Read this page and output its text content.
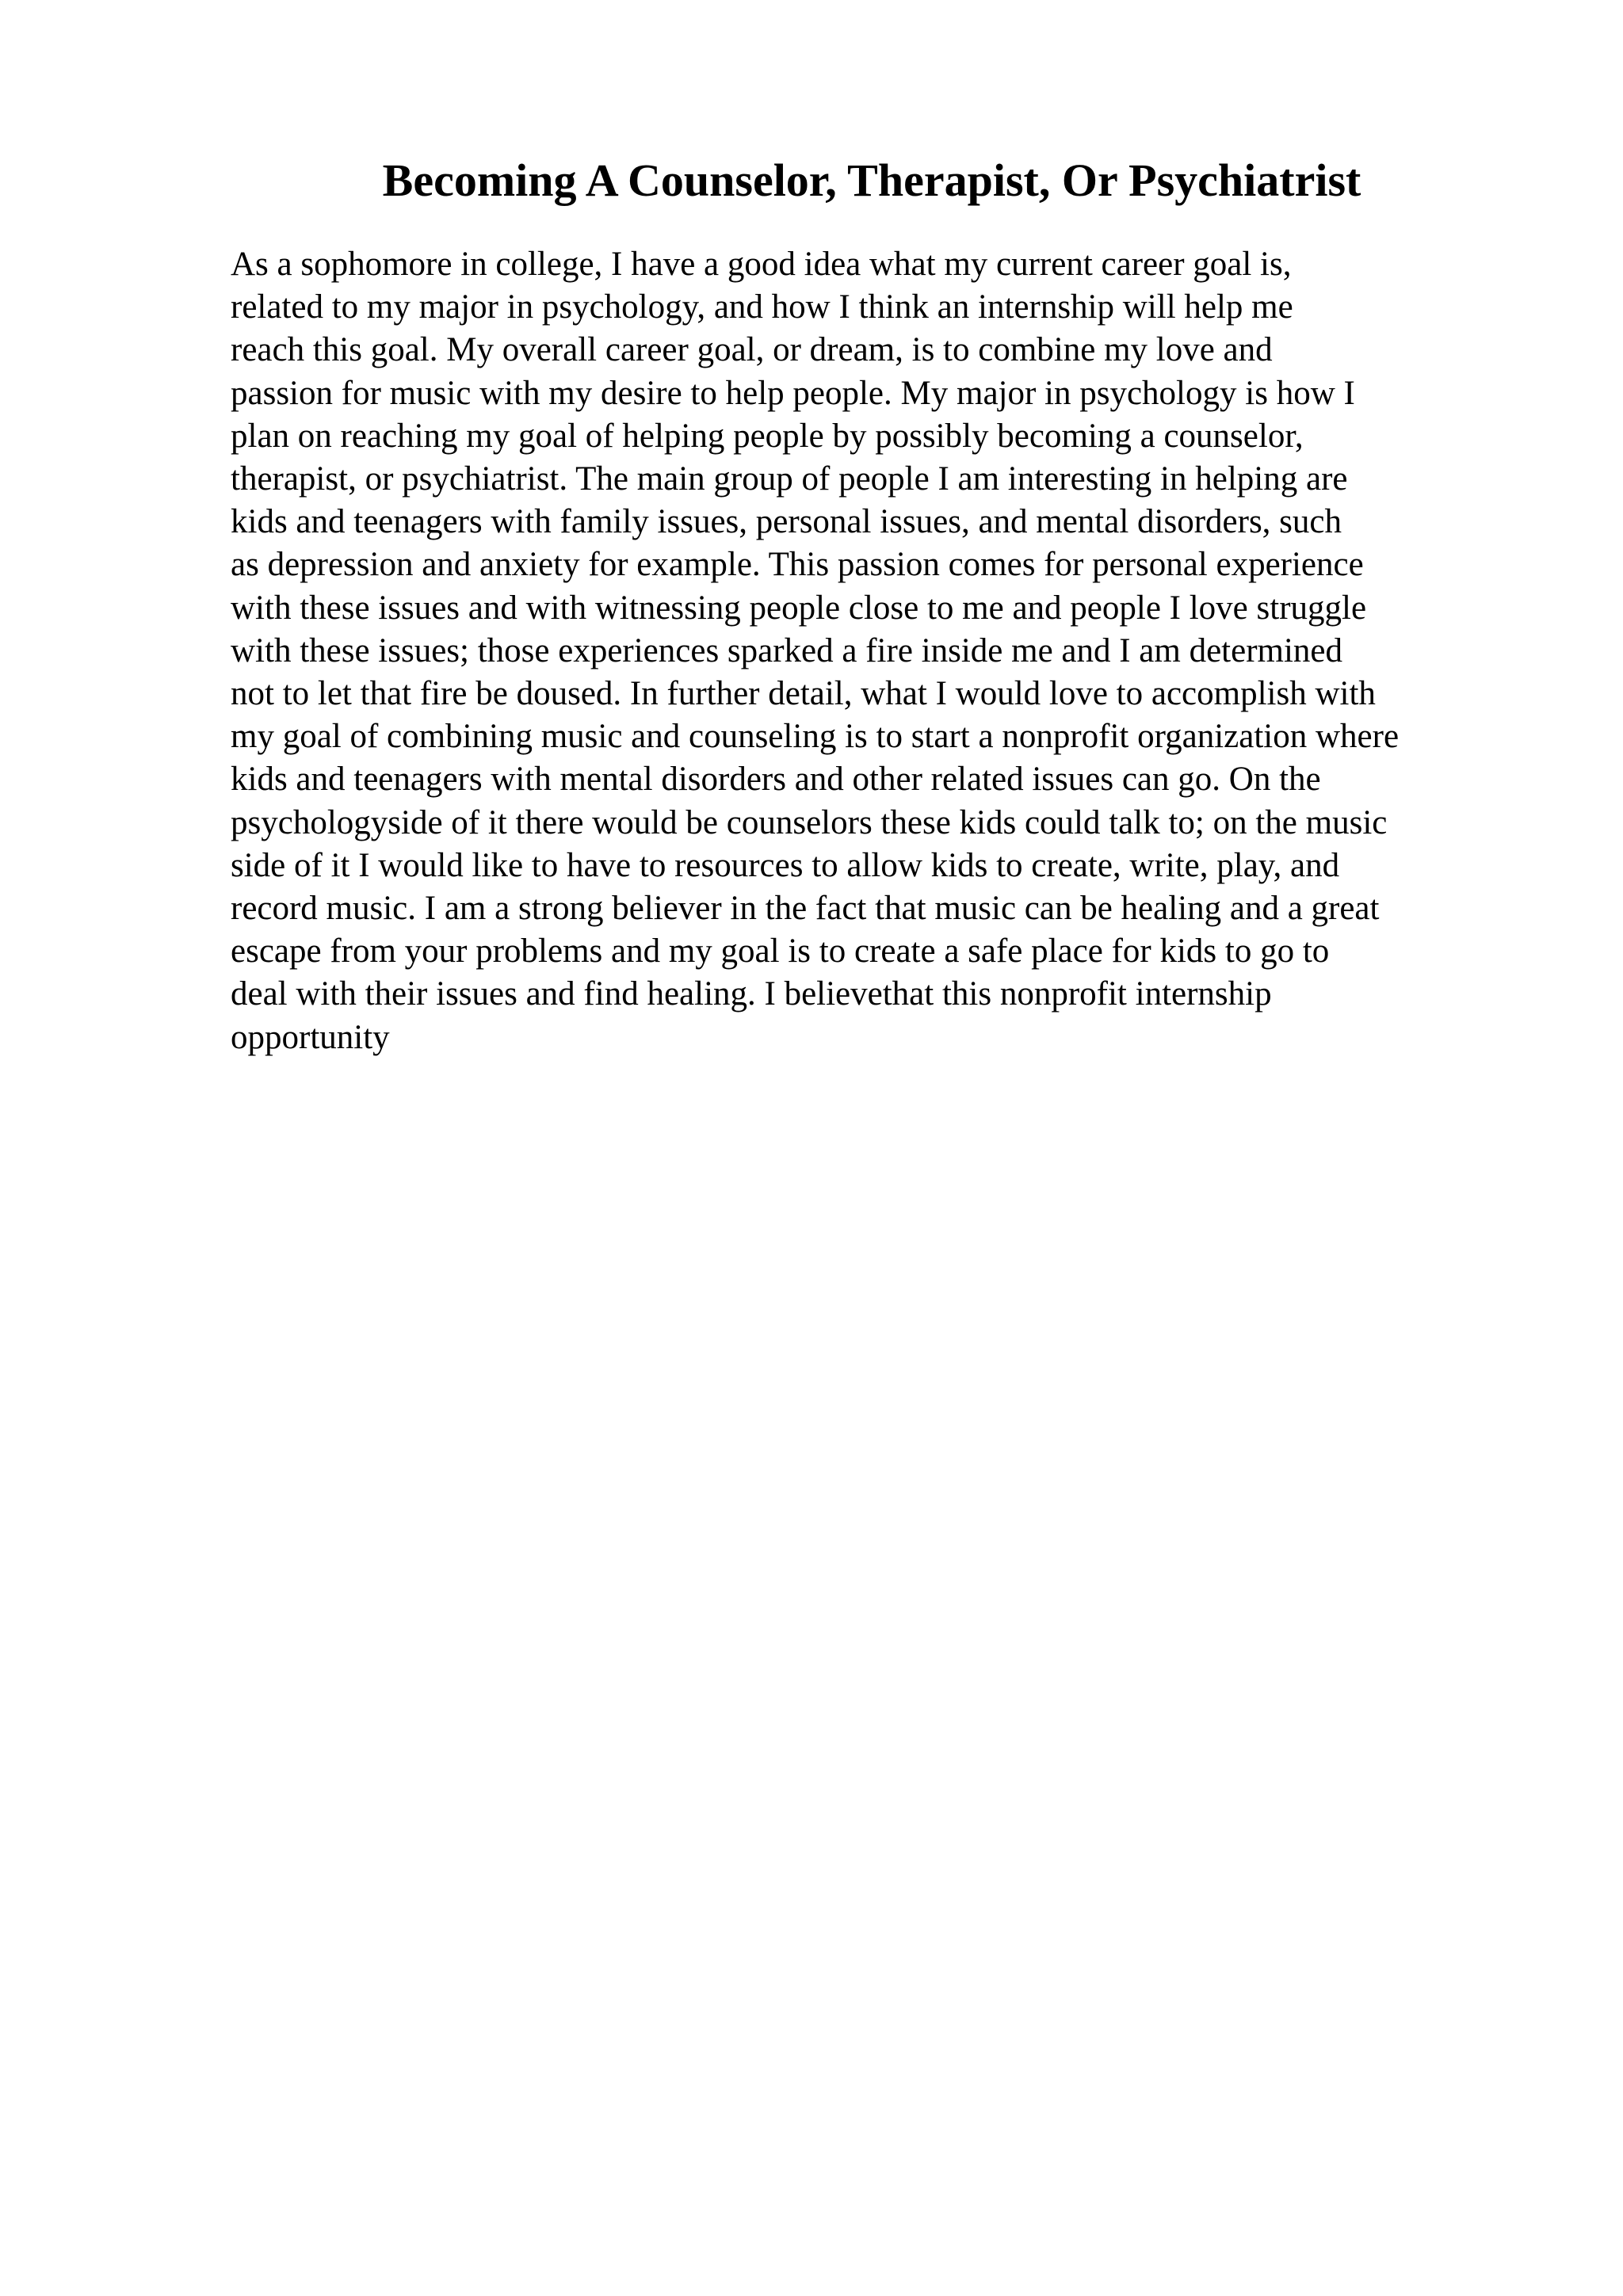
Becoming A Counselor, Therapist, Or Psychiatrist
As a sophomore in college, I have a good idea what my current career goal is,
related to my major in psychology, and how I think an internship will help me
reach this goal. My overall career goal, or dream, is to combine my love and
passion for music with my desire to help people. My major in psychology is how I
plan on reaching my goal of helping people by possibly becoming a counselor,
therapist, or psychiatrist. The main group of people I am interesting in helping are
kids and teenagers with family issues, personal issues, and mental disorders, such
as depression and anxiety for example. This passion comes for personal experience
with these issues and with witnessing people close to me and people I love struggle
with these issues; those experiences sparked a fire inside me and I am determined
not to let that fire be doused. In further detail, what I would love to accomplish with
my goal of combining music and counseling is to start a nonprofit organization where
kids and teenagers with mental disorders and other related issues can go. On the
psychologyside of it there would be counselors these kids could talk to; on the music
side of it I would like to have to resources to allow kids to create, write, play, and
record music. I am a strong believer in the fact that music can be healing and a great
escape from your problems and my goal is to create a safe place for kids to go to
deal with their issues and find healing. I believethat this nonprofit internship
opportunity
